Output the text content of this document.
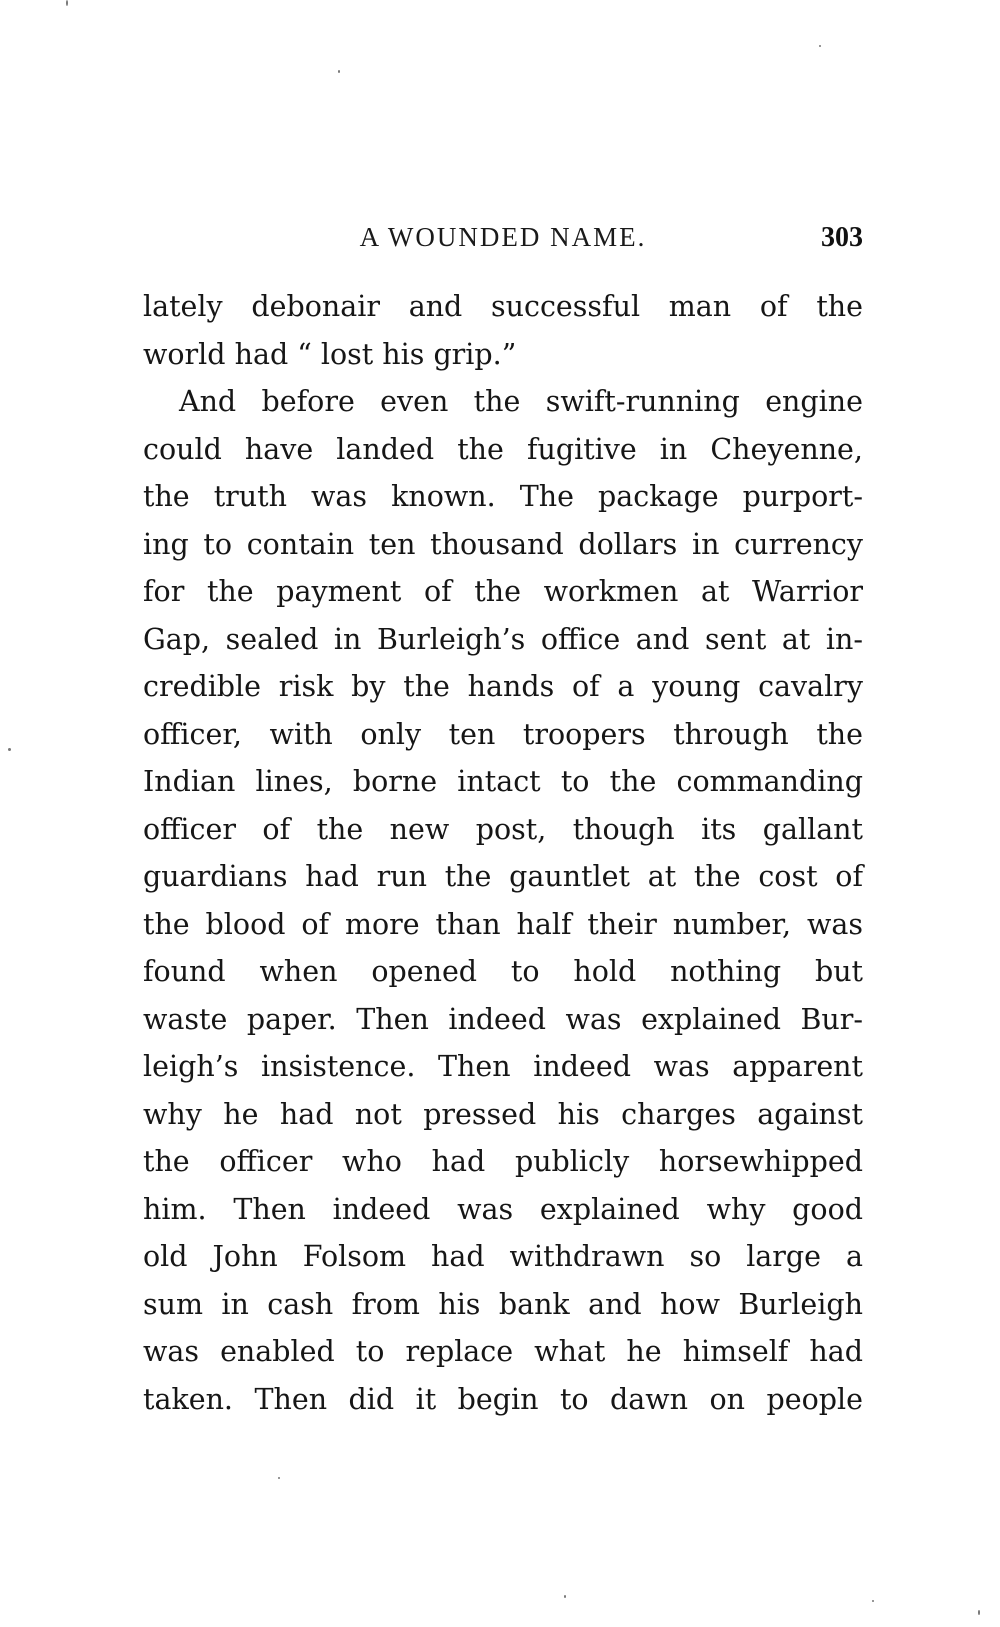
A WOUNDED NAME.	303
lately debonair and successful man of the
world had “ lost his grip.”
And before even the swift-running engine
could have landed the fugitive in Cheyenne,
the truth was known. The package purport-
ing to contain ten thousand dollars in currency
for the payment of the workmen at Warrior
Gap, sealed in Burleigh’s office and sent at in-
credible risk by the hands of a young cavalry
officer, with only ten troopers through the
Indian lines, borne intact to the commanding
officer of the new post, though its gallant
guardians had run the gauntlet at the cost of
the blood of more than half their number, was
found when opened to hold nothing but
waste paper. Then indeed was explained Bur-
leigh’s insistence. Then indeed was apparent
why he had not pressed his charges against
the officer who had publicly horsewhipped
him. Then indeed was explained why good
old John Folsom had withdrawn so large a
sum in cash from his bank and how Burleigh
was enabled to replace what he himself had
taken. Then did it begin to dawn on people
